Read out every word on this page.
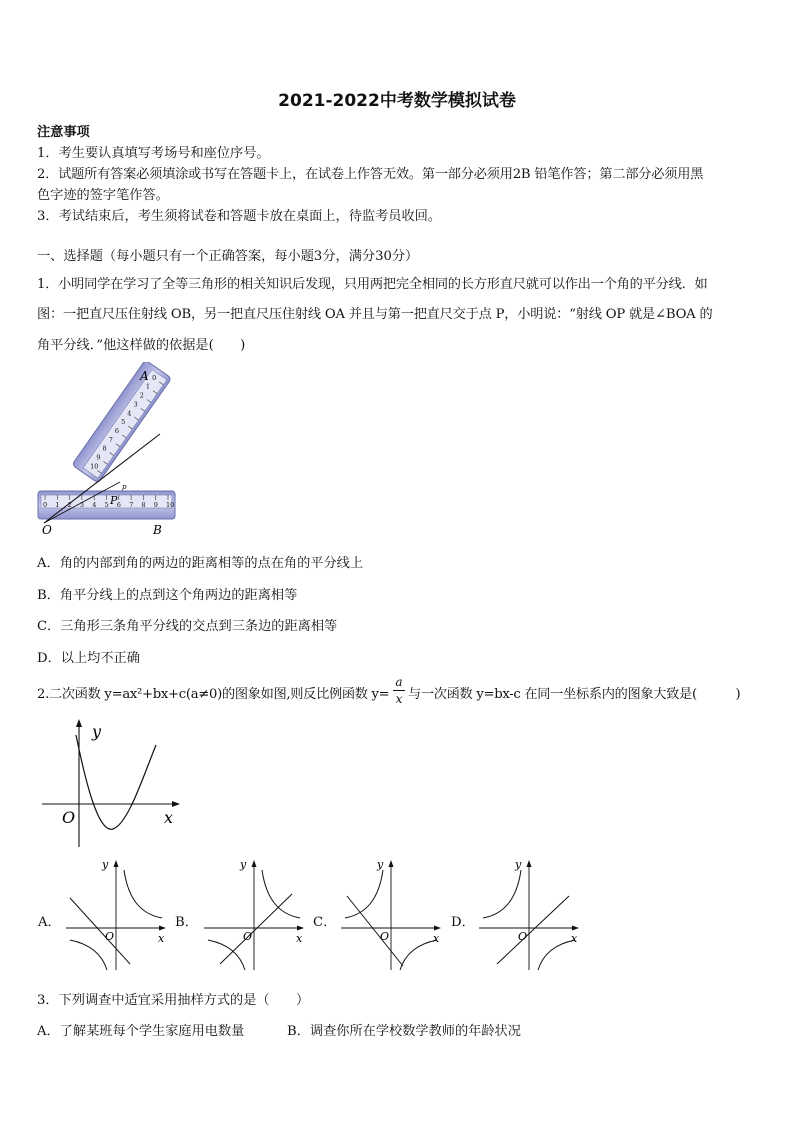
2021-2022中考数学模拟试卷
注意事项
1．考生要认真填写考场号和座位序号。
2．试题所有答案必须填涂或书写在答题卡上，在试卷上作答无效。第一部分必须用2B 铅笔作答；第二部分必须用黑
色字迹的签字笔作答。
3．考试结束后，考生须将试卷和答题卡放在桌面上，待监考员收回。
一、选择题（每小题只有一个正确答案，每小题3分，满分30分）
1．小明同学在学习了全等三角形的相关知识后发现，只用两把完全相同的长方形直尺就可以作出一个角的平分线．如
图：一把直尺压住射线 OB，另一把直尺压住射线 OA 并且与第一把直尺交于点 P，小明说：“射线 OP 就是∠BOA 的
角平分线．”他这样做的依据是(　　)
0
1
2
3
4
5
6
7
8
9
10
0 1 2 3 4 5 6 7 8 9 10
A
O	B
P
p
A．角的内部到角的两边的距离相等的点在角的平分线上
B．角平分线上的点到这个角两边的距离相等
C．三角形三条角平分线的交点到三条边的距离相等
D．以上均不正确
2.二次函数 y=ax²+bx+c(a≠0)的图象如图,则反比例函数 $y= \frac{a}{x}$ 与一次函数 y=bx-c 在同一坐标系内的图象大致是(　　　)
y
O	x
A．
y
O	x
B．
y
O	x
C．
y
O	x
D．
y
O	x
3．下列调查中适宜采用抽样方式的是（　　）
A．了解某班每个学生家庭用电数量	B．调查你所在学校数学教师的年龄状况
